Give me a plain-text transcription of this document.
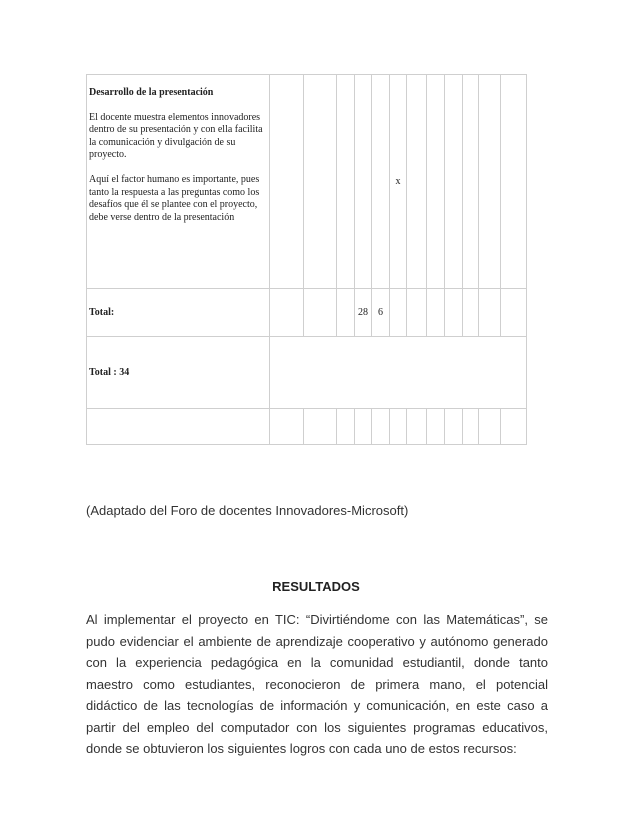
Desarrollo de la presentación

El docente muestra elementos innovadores dentro de su presentación y con ella facilita la comunicación y divulgación de su proyecto.

Aquí el factor humano es importante, pues tanto la respuesta a las preguntas como los desafíos que él se plantee con el proyecto, debe verse dentro de la presentación						x						
Total:				28	6							
Total : 34												

(Adaptado del Foro de docentes Innovadores-Microsoft)
RESULTADOS

Al implementar el proyecto en TIC: “Divirtiéndome con las Matemáticas”, se pudo evidenciar el ambiente de aprendizaje cooperativo y autónomo generado con la experiencia pedagógica en la comunidad estudiantil, donde tanto maestro como estudiantes, reconocieron de primera mano, el potencial didáctico de las tecnologías de información y comunicación, en este caso a partir del empleo del computador con los siguientes programas educativos, donde se obtuvieron los siguientes logros con cada uno de estos recursos:
